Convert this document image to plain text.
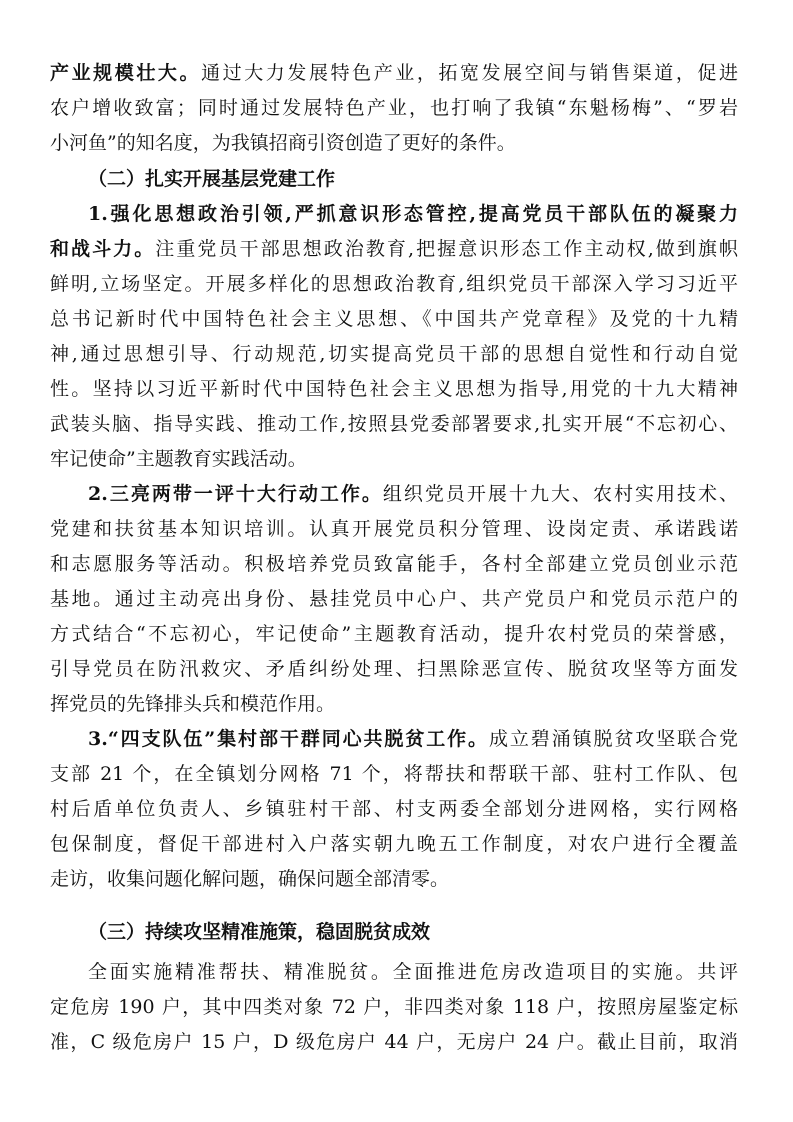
产业规模壮大。通过大力发展特色产业，拓宽发展空间与销售渠道，促进
农户增收致富；同时通过发展特色产业，也打响了我镇“东魁杨梅”、“罗岩
小河鱼”的知名度，为我镇招商引资创造了更好的条件。
（二）扎实开展基层党建工作
1.强化思想政治引领,严抓意识形态管控,提高党员干部队伍的凝聚力
和战斗力。注重党员干部思想政治教育,把握意识形态工作主动权,做到旗帜
鲜明,立场坚定。开展多样化的思想政治教育,组织党员干部深入学习习近平
总书记新时代中国特色社会主义思想、《中国共产党章程》及党的十九精
神,通过思想引导、行动规范,切实提高党员干部的思想自觉性和行动自觉
性。坚持以习近平新时代中国特色社会主义思想为指导,用党的十九大精神
武装头脑、指导实践、推动工作,按照县党委部署要求,扎实开展“不忘初心、
牢记使命”主题教育实践活动。
2.三亮两带一评十大行动工作。组织党员开展十九大、农村实用技术、
党建和扶贫基本知识培训。认真开展党员积分管理、设岗定责、承诺践诺
和志愿服务等活动。积极培养党员致富能手，各村全部建立党员创业示范
基地。通过主动亮出身份、悬挂党员中心户、共产党员户和党员示范户的
方式结合“不忘初心，牢记使命”主题教育活动，提升农村党员的荣誉感，
引导党员在防汛救灾、矛盾纠纷处理、扫黑除恶宣传、脱贫攻坚等方面发
挥党员的先锋排头兵和模范作用。
3.“四支队伍”集村部干群同心共脱贫工作。成立碧涌镇脱贫攻坚联合党
支部 21 个，在全镇划分网格 71 个，将帮扶和帮联干部、驻村工作队、包
村后盾单位负责人、乡镇驻村干部、村支两委全部划分进网格，实行网格
包保制度，督促干部进村入户落实朝九晚五工作制度，对农户进行全覆盖
走访，收集问题化解问题，确保问题全部清零。
（三）持续攻坚精准施策，稳固脱贫成效
全面实施精准帮扶、精准脱贫。全面推进危房改造项目的实施。共评
定危房 190 户，其中四类对象 72 户，非四类对象 118 户，按照房屋鉴定标
准，C 级危房户 15 户，D 级危房户 44 户，无房户 24 户。截止目前，取消
